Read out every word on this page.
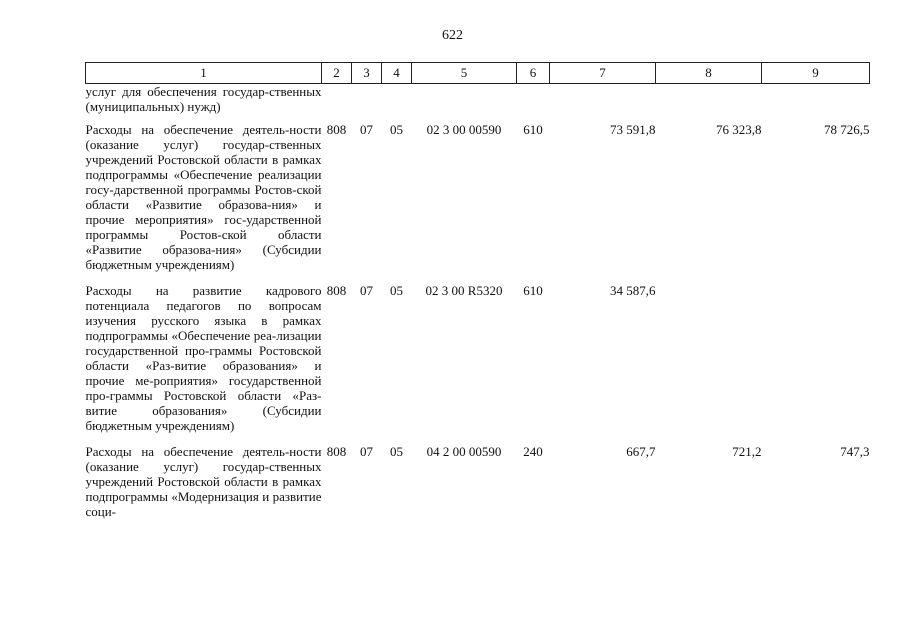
622
1	2	3	4	5	6	7	8	9
услуг для обеспечения государ-ственных (муниципальных) нужд)								
Расходы на обеспечение деятель-ности (оказание услуг) государ-ственных учреждений Ростовской области в рамках подпрограммы «Обеспечение реализации госу-дарственной программы Ростов-ской области «Развитие образова-ния» и прочие мероприятия» гос-ударственной программы Ростов-ской области «Развитие образова-ния» (Субсидии бюджетным учреждениям)	808	07	05	02 3 00 00590	610	73 591,8	76 323,8	78 726,5
Расходы на развитие кадрового потенциала педагогов по вопросам изучения русского языка в рамках подпрограммы «Обеспечение реа-лизации государственной про-граммы Ростовской области «Раз-витие образования» и прочие ме-роприятия» государственной про-граммы Ростовской области «Раз-витие образования» (Субсидии бюджетным учреждениям)	808	07	05	02 3 00 R5320	610	34 587,6		
Расходы на обеспечение деятель-ности (оказание услуг) государ-ственных учреждений Ростовской области в рамках подпрограммы «Модернизация и развитие соци-	808	07	05	04 2 00 00590	240	667,7	721,2	747,3
